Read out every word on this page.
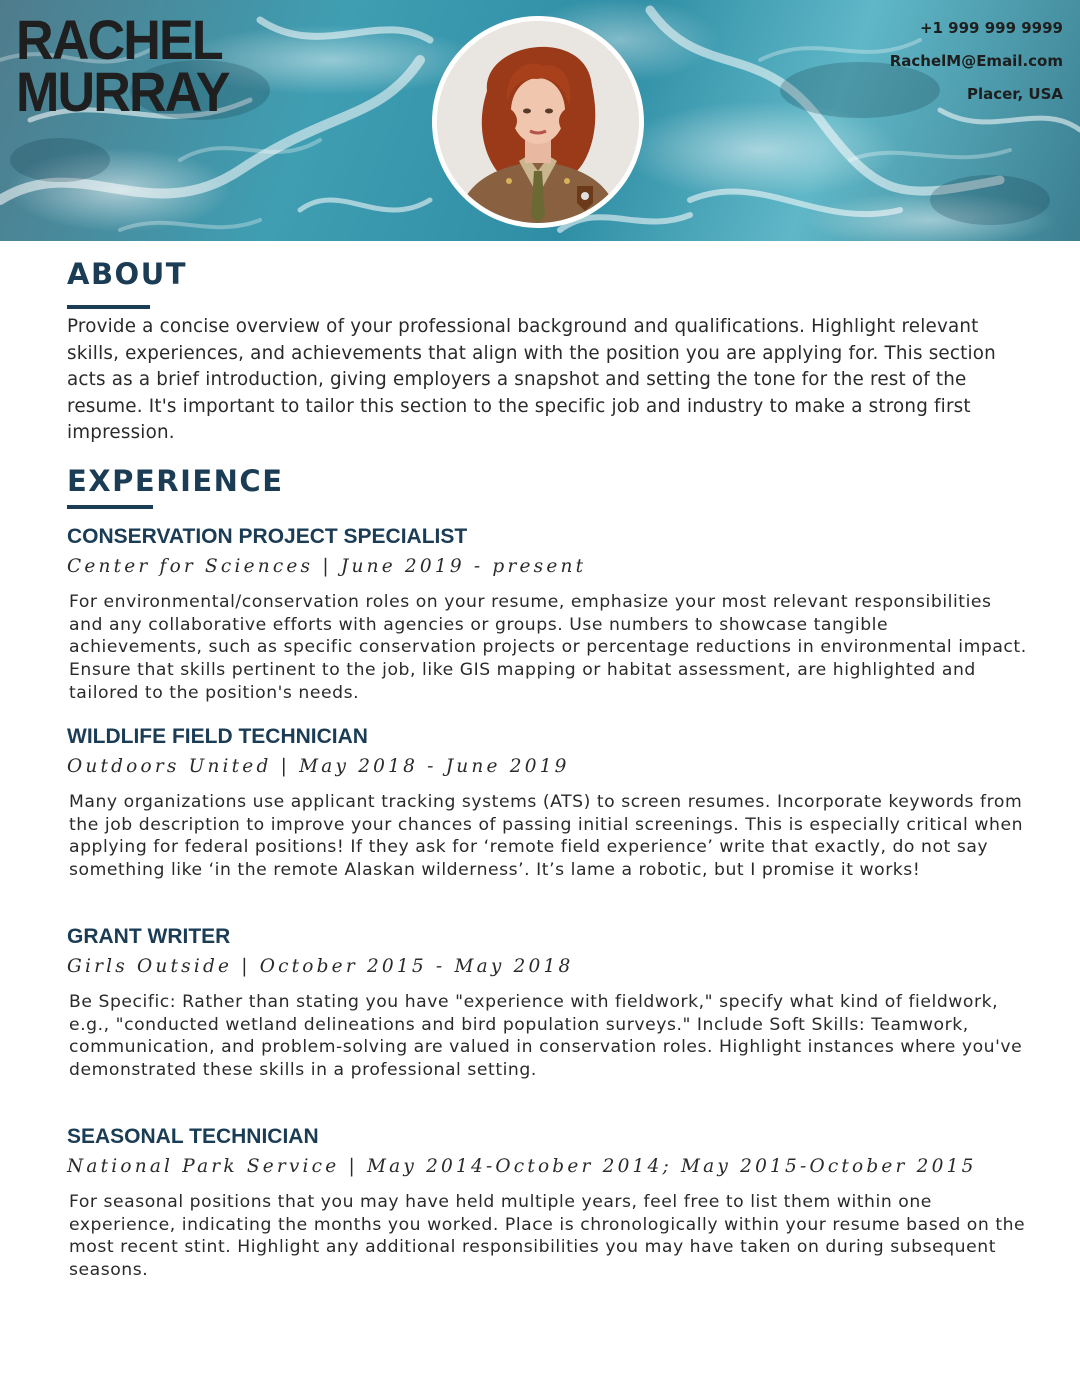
RACHEL
MURRAY
+1 999 999 9999
RachelM@Email.com
Placer, USA
ABOUT

Provide a concise overview of your professional background and qualifications. Highlight relevant skills, experiences, and achievements that align with the position you are applying for. This section acts as a brief introduction, giving employers a snapshot and setting the tone for the rest of the resume. It's important to tailor this section to the specific job and industry to make a strong first impression.

EXPERIENCE
CONSERVATION PROJECT SPECIALIST

Center for Sciences | June 2019 - present

For environmental/conservation roles on your resume, emphasize your most relevant responsibilities and any collaborative efforts with agencies or groups. Use numbers to showcase tangible achievements, such as specific conservation projects or percentage reductions in environmental impact. Ensure that skills pertinent to the job, like GIS mapping or habitat assessment, are highlighted and tailored to the position's needs.

WILDLIFE FIELD TECHNICIAN

Outdoors United | May 2018 - June 2019

Many organizations use applicant tracking systems (ATS) to screen resumes. Incorporate keywords from the job description to improve your chances of passing initial screenings. This is especially critical when applying for federal positions! If they ask for ‘remote field experience’ write that exactly, do not say something like ‘in the remote Alaskan wilderness’. It’s lame a robotic, but I promise it works!

GRANT WRITER

Girls Outside | October 2015 - May 2018

Be Specific: Rather than stating you have "experience with fieldwork," specify what kind of fieldwork, e.g., "conducted wetland delineations and bird population surveys." Include Soft Skills: Teamwork, communication, and problem-solving are valued in conservation roles. Highlight instances where you've demonstrated these skills in a professional setting.

SEASONAL TECHNICIAN

National Park Service | May 2014-October 2014; May 2015-October 2015

For seasonal positions that you may have held multiple years, feel free to list them within one experience, indicating the months you worked. Place is chronologically within your resume based on the most recent stint. Highlight any additional responsibilities you may have taken on during subsequent seasons.
